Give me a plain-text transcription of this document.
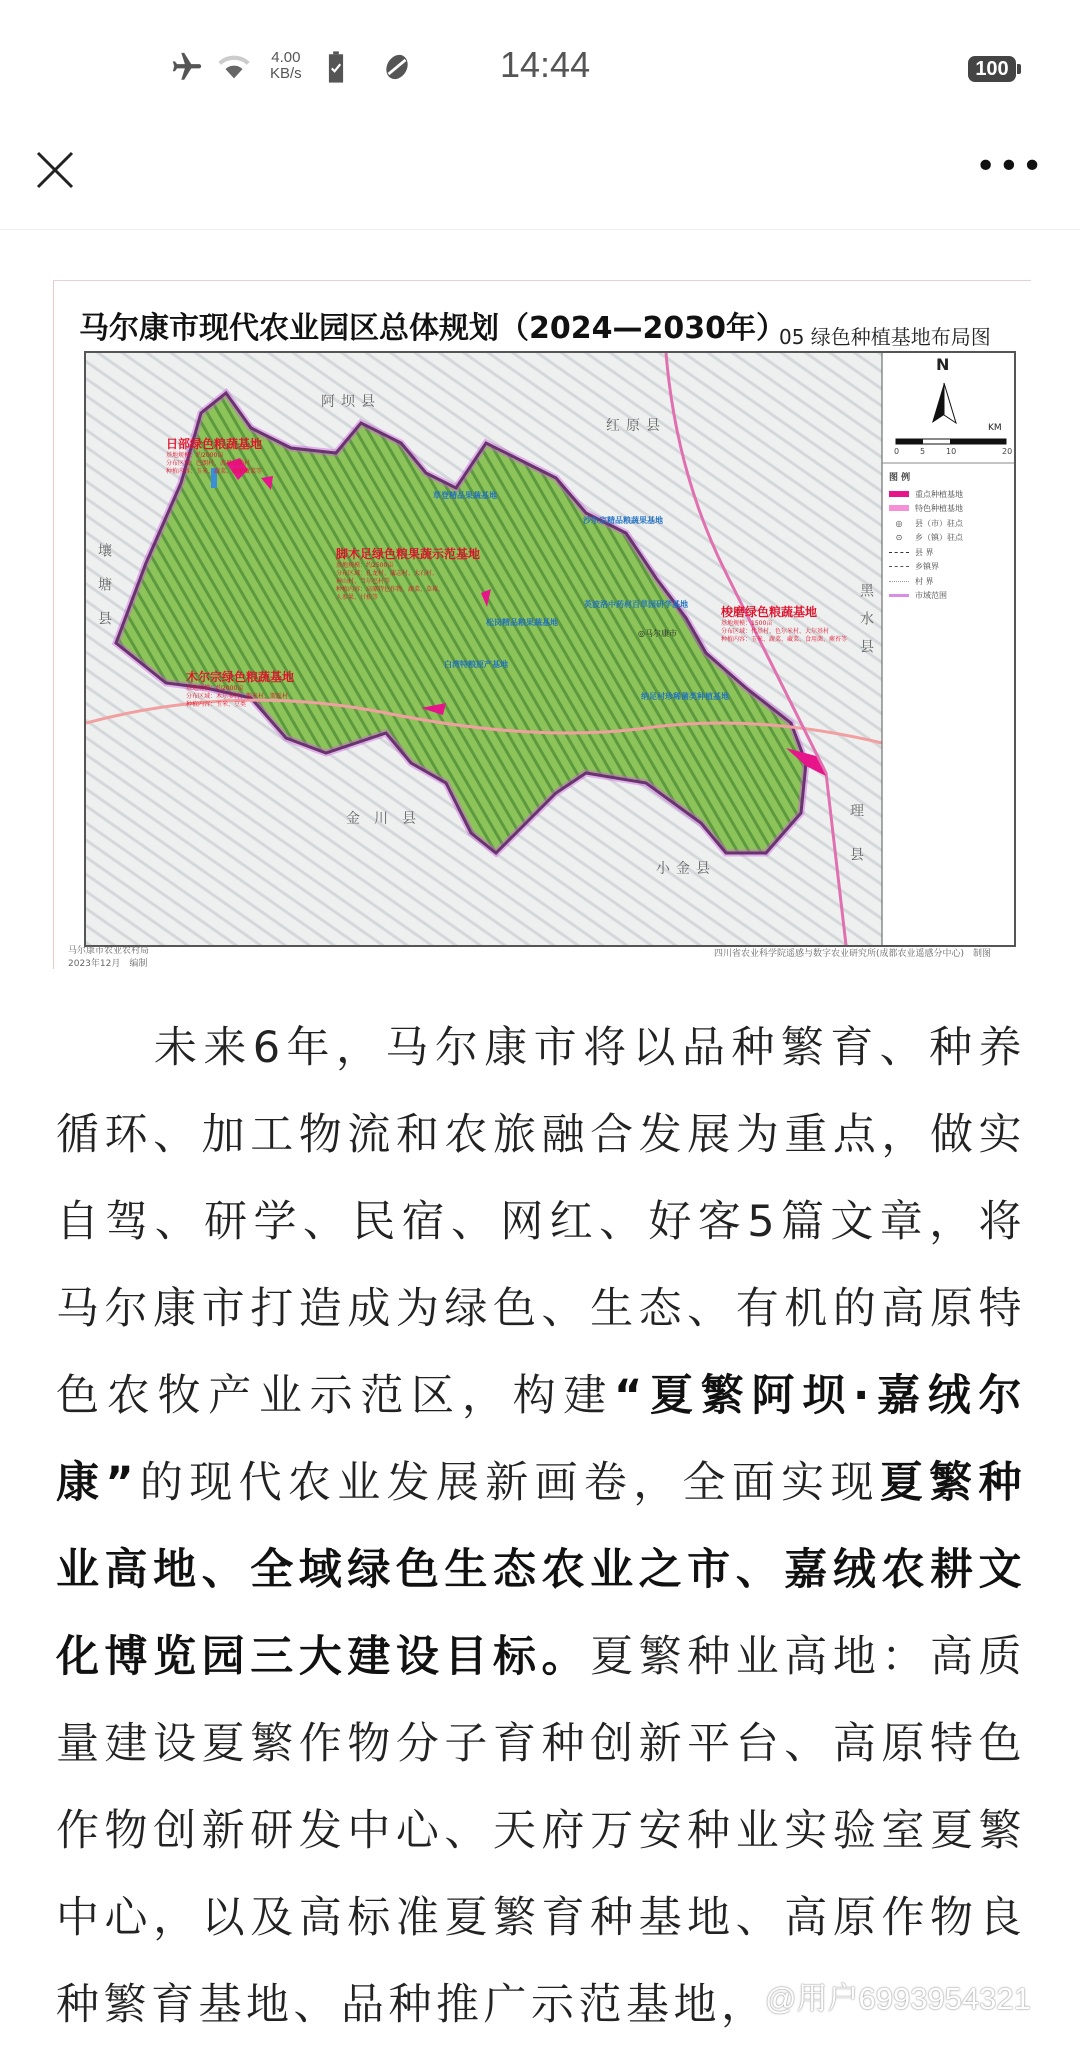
4.00
KB/s	14:44	100
•••
马尔康市现代农业园区总体规划（2024—2030年）
05 绿色种植基地布局图
N
KM
0	5	10	20
图 例
重点种植基地
特色种植基地
◎ 县（市）驻点
⊙ 乡（镇）驻点
县 界
乡镇界
村 界
市域范围
阿坝县
红原县
壤塘县	黑水县
金川县
小金县	理县
日部绿色粮蔬基地
脚木足绿色粮果蔬示范基地
木尔宗绿色粮蔬基地
梭磨绿色粮蔬基地
基地规模：约2000亩
分布区域：巴朗村、波里日尚村
种植内容：玉米、蔬菜、高原藏菜等
基地规模：约2500亩
分布区域：孔龙村、蒲志村、大石村、
神山村、当尔巴村等
种植内容：高原特色作物、蔬菜、草莓、
人参果、甘松等
基地规模：约2000亩
分布区域：木尔多村、斯米村、斯跃村
种植内容：玉米、豆类
基地规模：1500亩
分布区域：代基村、色尔米村、大尔基村
种植内容：玉米、蔬菜、藏菜、食用菌、蕨苔等
草登精品果蔬基地
沙尔宗精品粮蔬果基地
英波洛中药材百草园研学基地
松岗精品粮果蔬基地
白湾特粮原产基地
纳足村珍稀菌类种植基地
◎马尔康市
马尔康市农业农村局
2023年12月　编制
四川省农业科学院遥感与数字农业研究所(成都农业遥感分中心)　制图
未来6年，马尔康市将以品种繁育、种养循环、加工物流和农旅融合发展为重点，做实自驾、研学、民宿、网红、好客5篇文章，将马尔康市打造成为绿色、生态、有机的高原特色农牧产业示范区，构建“夏繁阿坝·嘉绒尔康”的现代农业发展新画卷，全面实现夏繁种业高地、全域绿色生态农业之市、嘉绒农耕文化博览园三大建设目标。夏繁种业高地：高质量建设夏繁作物分子育种创新平台、高原特色作物创新研发中心、天府万安种业实验室夏繁中心，以及高标准夏繁育种基地、高原作物良种繁育基地、品种推广示范基地，
@用户6993954321
